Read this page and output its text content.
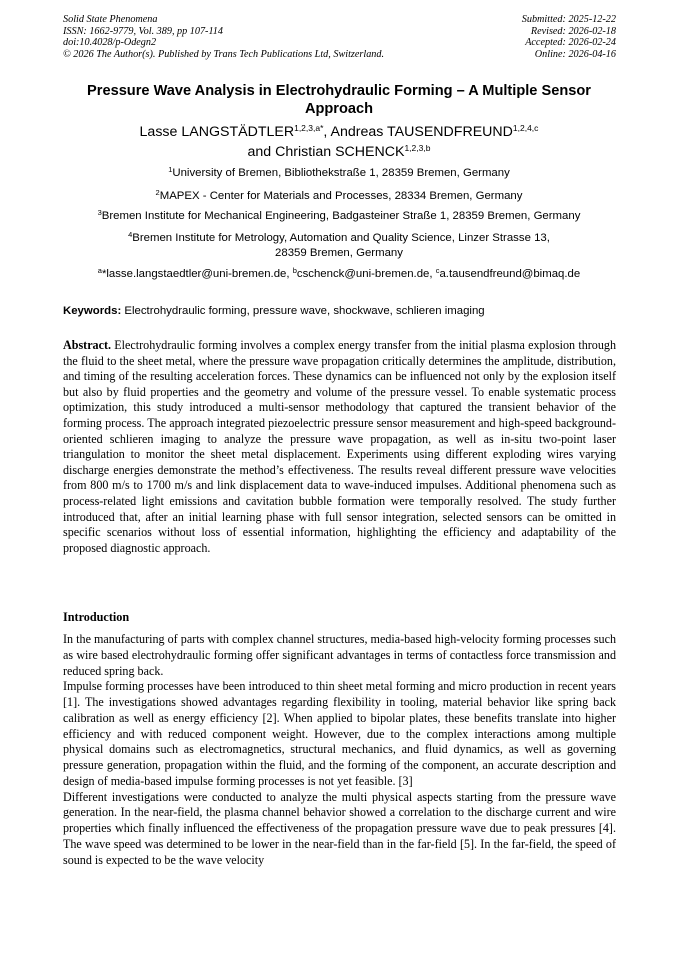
Solid State Phenomena
ISSN: 1662-9779, Vol. 389, pp 107-114
doi:10.4028/p-Odegn2
© 2026 The Author(s). Published by Trans Tech Publications Ltd, Switzerland.
Submitted: 2025-12-22
Revised: 2026-02-18
Accepted: 2026-02-24
Online: 2026-04-16
Pressure Wave Analysis in Electrohydraulic Forming – A Multiple Sensor Approach
Lasse $LANGSTÄDTLER^{1,2,3,a*}$, Andreas TAUSENDFREUND$^{1,2,4,c}$
and Christian SCHENCK$^{1,2,3,b}$
$^1$University of Bremen, Bibliothekstraße 1, 28359 Bremen, Germany
$^2$MAPEX - Center for Materials and Processes, 28334 Bremen, Germany
$^3$Bremen Institute for Mechanical Engineering, Badgasteiner Straße 1, 28359 Bremen, Germany
$^4$Bremen Institute for Metrology, Automation and Quality Science, Linzer Strasse 13,
28359 Bremen, Germany
$^a$*lasse.langstaedtler@uni-bremen.de, $^b$cschenck@uni-bremen.de, $^c$a.tausendfreund@bimaq.de
Keywords: Electrohydraulic forming, pressure wave, shockwave, schlieren imaging
Abstract. Electrohydraulic forming involves a complex energy transfer from the initial plasma explosion through the fluid to the sheet metal, where the pressure wave propagation critically determines the amplitude, distribution, and timing of the resulting acceleration forces. These dynamics can be influenced not only by the explosion itself but also by fluid properties and the geometry and volume of the pressure vessel. To enable systematic process optimization, this study introduced a multi-sensor methodology that captured the transient behavior of the forming process. The approach integrated piezoelectric pressure sensor measurement and high-speed background-oriented schlieren imaging to analyze the pressure wave propagation, as well as in-situ two-point laser triangulation to monitor the sheet metal displacement. Experiments using different exploding wires varying discharge energies demonstrate the method’s effectiveness. The results reveal different pressure wave velocities from 800 m/s to 1700 m/s and link displacement data to wave-induced impulses. Additional phenomena such as process-related light emissions and cavitation bubble formation were temporally resolved. The study further introduced that, after an initial learning phase with full sensor integration, selected sensors can be omitted in specific scenarios without loss of essential information, highlighting the efficiency and adaptability of the proposed diagnostic approach.
Introduction

In the manufacturing of parts with complex channel structures, media-based high-velocity forming processes such as wire based electrohydraulic forming offer significant advantages in terms of contactless force transmission and reduced spring back.

Impulse forming processes have been introduced to thin sheet metal forming and micro production in recent years [1]. The investigations showed advantages regarding flexibility in tooling, material behavior like spring back calibration as well as energy efficiency [2]. When applied to bipolar plates, these benefits translate into higher efficiency and with reduced component weight. However, due to the complex interactions among multiple physical domains such as electromagnetics, structural mechanics, and fluid dynamics, as well as governing pressure generation, propagation within the fluid, and the forming of the component, an accurate description and design of media-based impulse forming processes is not yet feasible. [3]

Different investigations were conducted to analyze the multi physical aspects starting from the pressure wave generation. In the near-field, the plasma channel behavior showed a correlation to the discharge current and wire properties which finally influenced the effectiveness of the propagation pressure wave due to peak pressures [4]. The wave speed was determined to be lower in the near-field than in the far-field [5]. In the far-field, the speed of sound is expected to be the wave velocity
